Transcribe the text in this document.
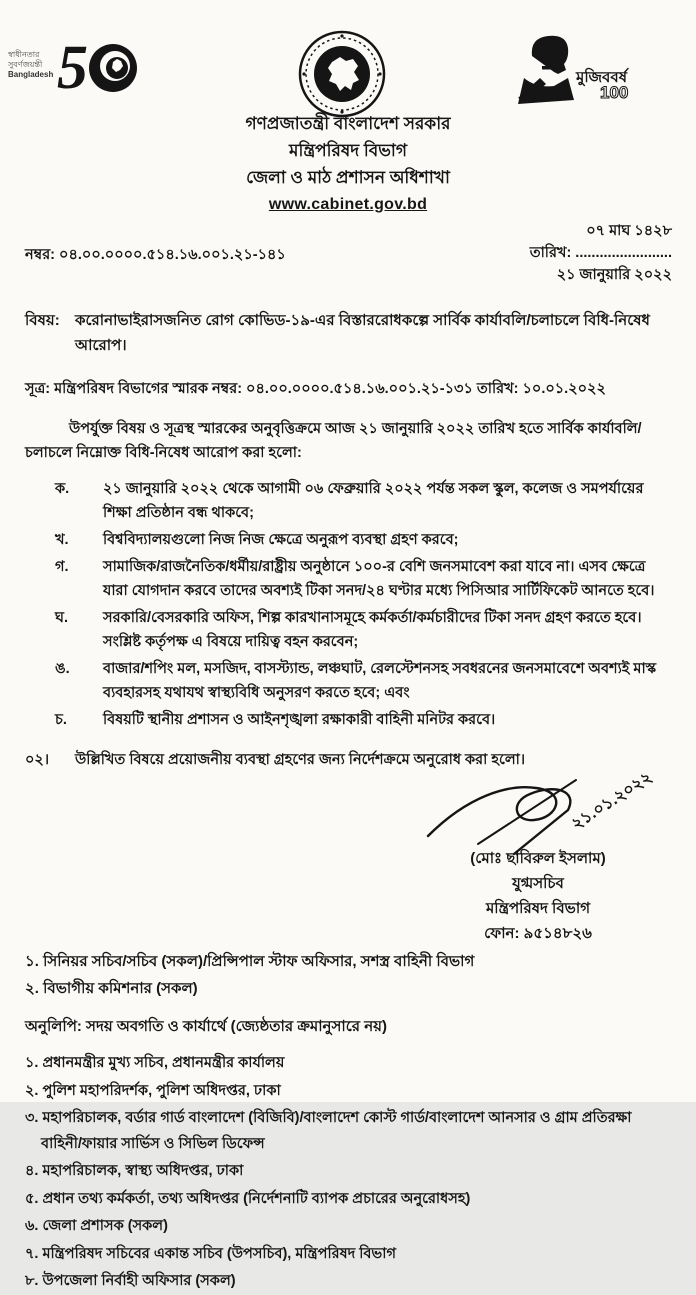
স্বাধীনতার
সুবর্ণজয়ন্তী
Bangladesh 5	মুজিববর্ষ
100
গণপ্রজাতন্ত্রী বাংলাদেশ সরকার
মন্ত্রিপরিষদ বিভাগ
জেলা ও মাঠ প্রশাসন অধিশাখা
www.cabinet.gov.bd
নম্বর: ০৪.০০.০০০০.৫১৪.১৬.০০১.২১-১৪১
০৭ মাঘ ১৪২৮
তারিখ: ........................
২১ জানুয়ারি ২০২২
বিষয়:	করোনাভাইরাসজনিত রোগ কোভিড-১৯-এর বিস্তাররোধকল্পে সার্বিক কার্যাবলি/চলাচলে বিধি-নিষেধ আরোপ।
সূত্র: মন্ত্রিপরিষদ বিভাগের স্মারক নম্বর: ০৪.০০.০০০০.৫১৪.১৬.০০১.২১-১৩১ তারিখ: ১০.০১.২০২২
উপর্যুক্ত বিষয় ও সূত্রস্থ স্মারকের অনুবৃত্তিক্রমে আজ ২১ জানুয়ারি ২০২২ তারিখ হতে সার্বিক কার্যাবলি/চলাচলে নিম্নোক্ত বিধি-নিষেধ আরোপ করা হলো:
ক.	২১ জানুয়ারি ২০২২ থেকে আগামী ০৬ ফেব্রুয়ারি ২০২২ পর্যন্ত সকল স্কুল, কলেজ ও সমপর্যায়ের শিক্ষা প্রতিষ্ঠান বন্ধ থাকবে;
খ.	বিশ্ববিদ্যালয়গুলো নিজ নিজ ক্ষেত্রে অনুরূপ ব্যবস্থা গ্রহণ করবে;
গ.	সামাজিক/রাজনৈতিক/ধর্মীয়/রাষ্ট্রীয় অনুষ্ঠানে ১০০-র বেশি জনসমাবেশ করা যাবে না। এসব ক্ষেত্রে যারা যোগদান করবে তাদের অবশ্যই টিকা সনদ/২৪ ঘণ্টার মধ্যে পিসিআর সার্টিফিকেট আনতে হবে।
ঘ.	সরকারি/বেসরকারি অফিস, শিল্প কারখানাসমূহে কর্মকর্তা/কর্মচারীদের টিকা সনদ গ্রহণ করতে হবে। সংশ্লিষ্ট কর্তৃপক্ষ এ বিষয়ে দায়িত্ব বহন করবেন;
ঙ.	বাজার/শপিং মল, মসজিদ, বাসস্ট্যান্ড, লঞ্চঘাট, রেলস্টেশনসহ সবধরনের জনসমাবেশে অবশ্যই মাস্ক ব্যবহারসহ যথাযথ স্বাস্থ্যবিধি অনুসরণ করতে হবে; এবং
চ.	বিষয়টি স্থানীয় প্রশাসন ও আইনশৃঙ্খলা রক্ষাকারী বাহিনী মনিটর করবে।
০২।	উল্লিখিত বিষয়ে প্রয়োজনীয় ব্যবস্থা গ্রহণের জন্য নির্দেশক্রমে অনুরোধ করা হলো।
২১.০১.২০২২
(মোঃ ছাবিরুল ইসলাম)
যুগ্মসচিব
মন্ত্রিপরিষদ বিভাগ
ফোন: ৯৫১৪৮২৬
১. সিনিয়র সচিব/সচিব (সকল)/প্রিন্সিপাল স্টাফ অফিসার, সশস্ত্র বাহিনী বিভাগ
২. বিভাগীয় কমিশনার (সকল)
অনুলিপি: সদয় অবগতি ও কার্যার্থে (জ্যেষ্ঠতার ক্রমানুসারে নয়)
১. প্রধানমন্ত্রীর মুখ্য সচিব, প্রধানমন্ত্রীর কার্যালয়
২. পুলিশ মহাপরিদর্শক, পুলিশ অধিদপ্তর, ঢাকা
৩. মহাপরিচালক, বর্ডার গার্ড বাংলাদেশ (বিজিবি)/বাংলাদেশ কোস্ট গার্ড/বাংলাদেশ আনসার ও গ্রাম প্রতিরক্ষা বাহিনী/ফায়ার সার্ভিস ও সিভিল ডিফেন্স
৪. মহাপরিচালক, স্বাস্থ্য অধিদপ্তর, ঢাকা
৫. প্রধান তথ্য কর্মকর্তা, তথ্য অধিদপ্তর (নির্দেশনাটি ব্যাপক প্রচারের অনুরোধসহ)
৬. জেলা প্রশাসক (সকল)
৭. মন্ত্রিপরিষদ সচিবের একান্ত সচিব (উপসচিব), মন্ত্রিপরিষদ বিভাগ
৮. উপজেলা নির্বাহী অফিসার (সকল)
